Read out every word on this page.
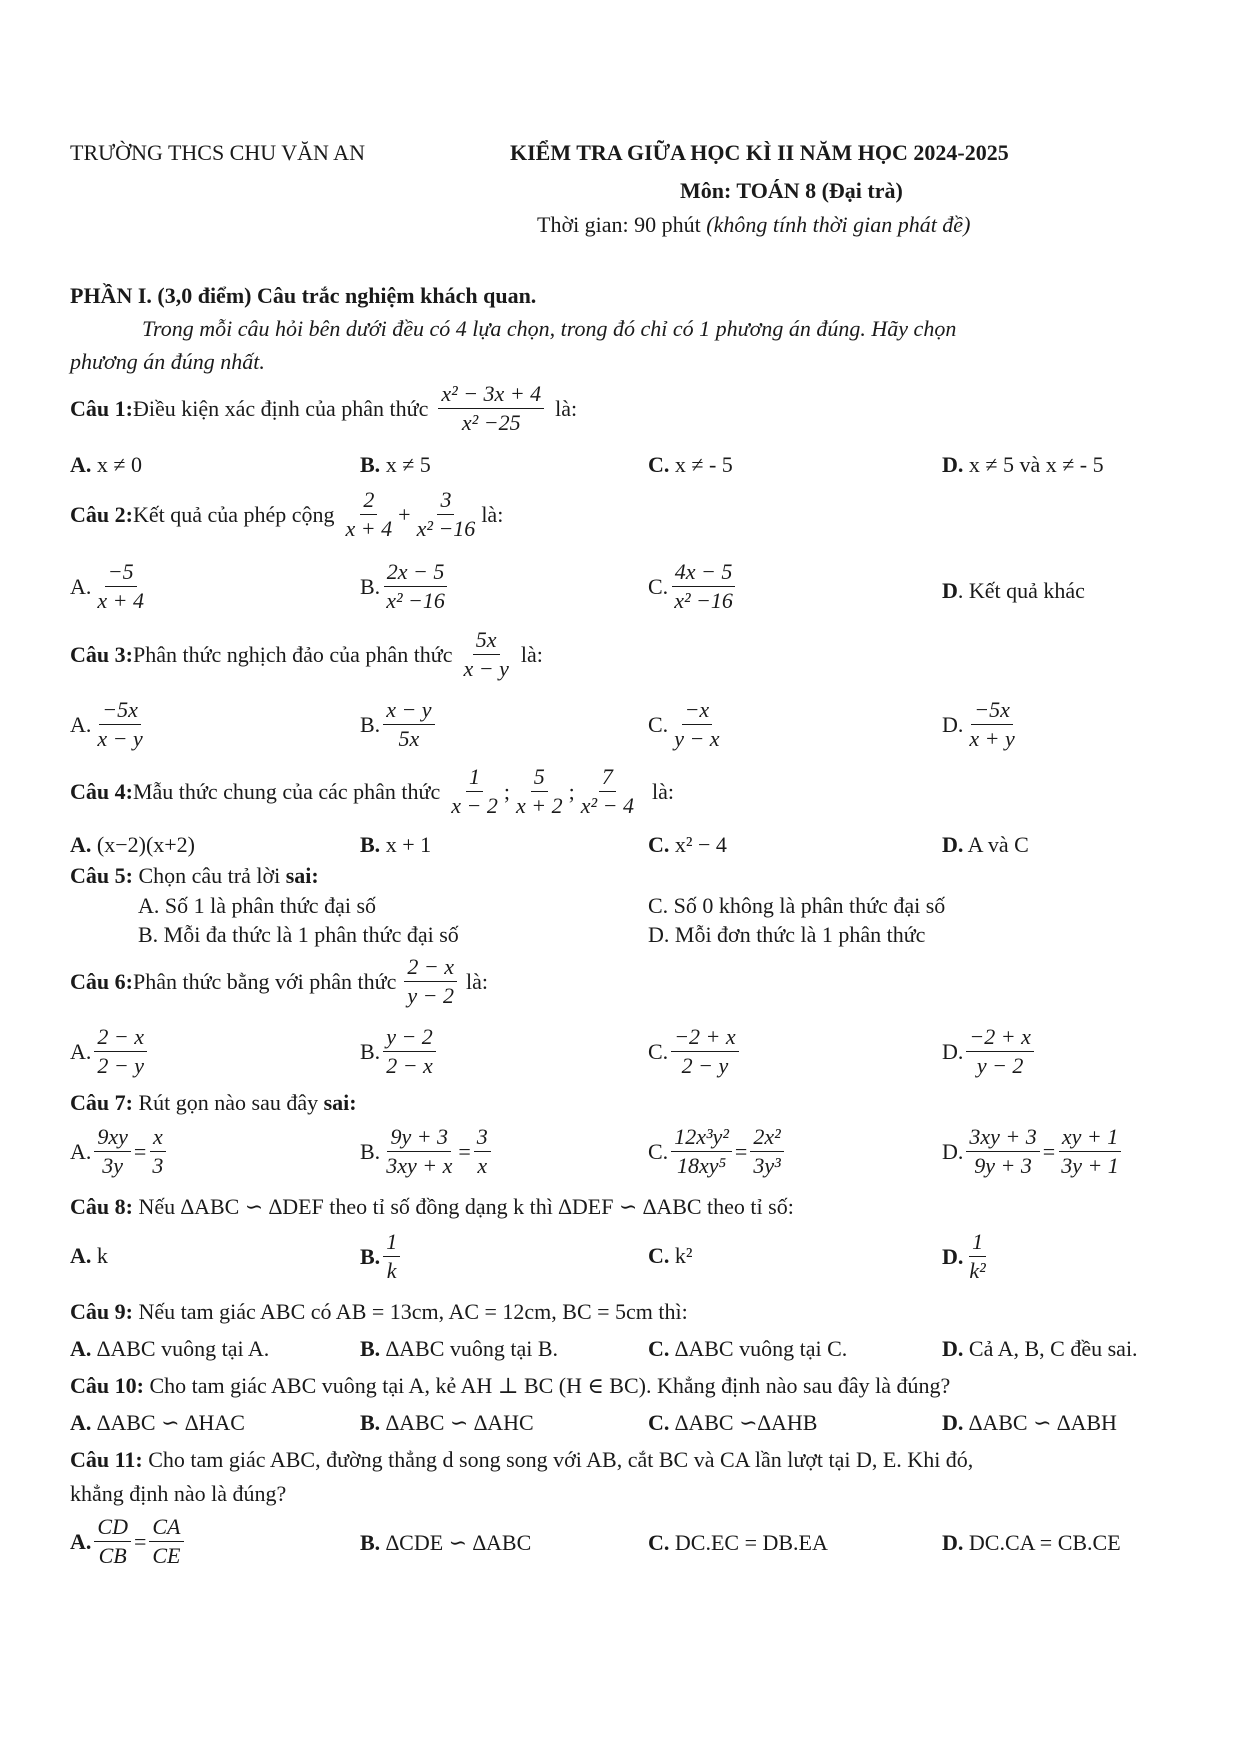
TRƯỜNG THCS CHU VĂN AN	KIỂM TRA GIỮA HỌC KÌ II NĂM HỌC 2024-2025
Môn: TOÁN 8 (Đại trà)
Thời gian: 90 phút (không tính thời gian phát đề)
PHẦN I. (3,0 điểm) Câu trắc nghiệm khách quan.
Trong mỗi câu hỏi bên dưới đều có 4 lựa chọn, trong đó chỉ có 1 phương án đúng. Hãy chọn
phương án đúng nhất.
Câu 1: Điều kiện xác định của phân thức $\frac{\text{x² − 3x + 4}}{\text{x² −25}}$ là:
A. x ≠ 0	B. x ≠ 5	C. x ≠ - 5	D. x ≠ 5 và x ≠ - 5
Câu 2: Kết quả của phép cộng $\frac{2}{x + 4} + \frac{3}{\text{x² −16}}$ là:
A. $\frac{-5}{x + 4}$	B. $\frac{2x - 5}{\text{x² −16}}$	C. $\frac{4x - 5}{\text{x² −16}}$	D. Kết quả khác
Câu 3: Phân thức nghịch đảo của phân thức $\frac{5x}{x - y}$ là:
A. $\frac{-5x}{x - y}$	B. $\frac{x - y}{5x}$	C. $\frac{-x}{y - x}$	D. $\frac{-5x}{x + y}$
Câu 4: Mẫu thức chung của các phân thức $\frac{1}{x - 2}$ ; $\frac{5}{x + 2}$ ; $\frac{7}{\text{x² − 4}}$ là:
A. (x−2)(x+2)	B. x + 1	C. x² − 4	D. A và C
Câu 5: Chọn câu trả lời sai:
A. Số 1 là phân thức đại số	C. Số 0 không là phân thức đại số
B. Mỗi đa thức là 1 phân thức đại số	D. Mỗi đơn thức là 1 phân thức
Câu 6: Phân thức bằng với phân thức $\frac{2 - x}{y - 2}$ là:
A. $\frac{2 - x}{2 - y}$	B. $\frac{y - 2}{2 - x}$	C. $\frac{-2 + x}{2 - y}$	D. $\frac{-2 + x}{y - 2}$
Câu 7: Rút gọn nào sau đây sai:
A. $\frac{9xy}{3y} = \frac{x}{3}$	B. $\frac{9y + 3}{3xy + x} = \frac{3}{x}$	C. $\frac{\text{12x³y²}}{\text{18xy⁵}} = \frac{\text{2x²}}{\text{3y³}}$	D. $\frac{3xy + 3}{9y + 3} = \frac{xy + 1}{3y + 1}$
Câu 8: Nếu ∆ABC ∽ ∆DEF theo tỉ số đồng dạng k thì ∆DEF ∽ ∆ABC theo tỉ số:
A. k	B. $\frac{1}{k}$	C. k²	D. $\frac{1}{\text{k²}}$
Câu 9: Nếu tam giác ABC có AB = 13cm, AC = 12cm, BC = 5cm thì:
A. ∆ABC vuông tại A.	B. ∆ABC vuông tại B.	C. ∆ABC vuông tại C.	D. Cả A, B, C đều sai.
Câu 10: Cho tam giác ABC vuông tại A, kẻ AH ⊥ BC (H ∈ BC). Khẳng định nào sau đây là đúng?
A. ∆ABC ∽ ∆HAC	B. ∆ABC ∽ ∆AHC	C. ∆ABC ∽∆AHB	D. ∆ABC ∽ ∆ABH
Câu 11: Cho tam giác ABC, đường thẳng d song song với AB, cắt BC và CA lần lượt tại D, E. Khi đó,
khẳng định nào là đúng?
A. $\frac{CD}{CB} = \frac{CA}{CE}$	B. ∆CDE ∽ ∆ABC	C. DC.EC = DB.EA	D. DC.CA = CB.CE
